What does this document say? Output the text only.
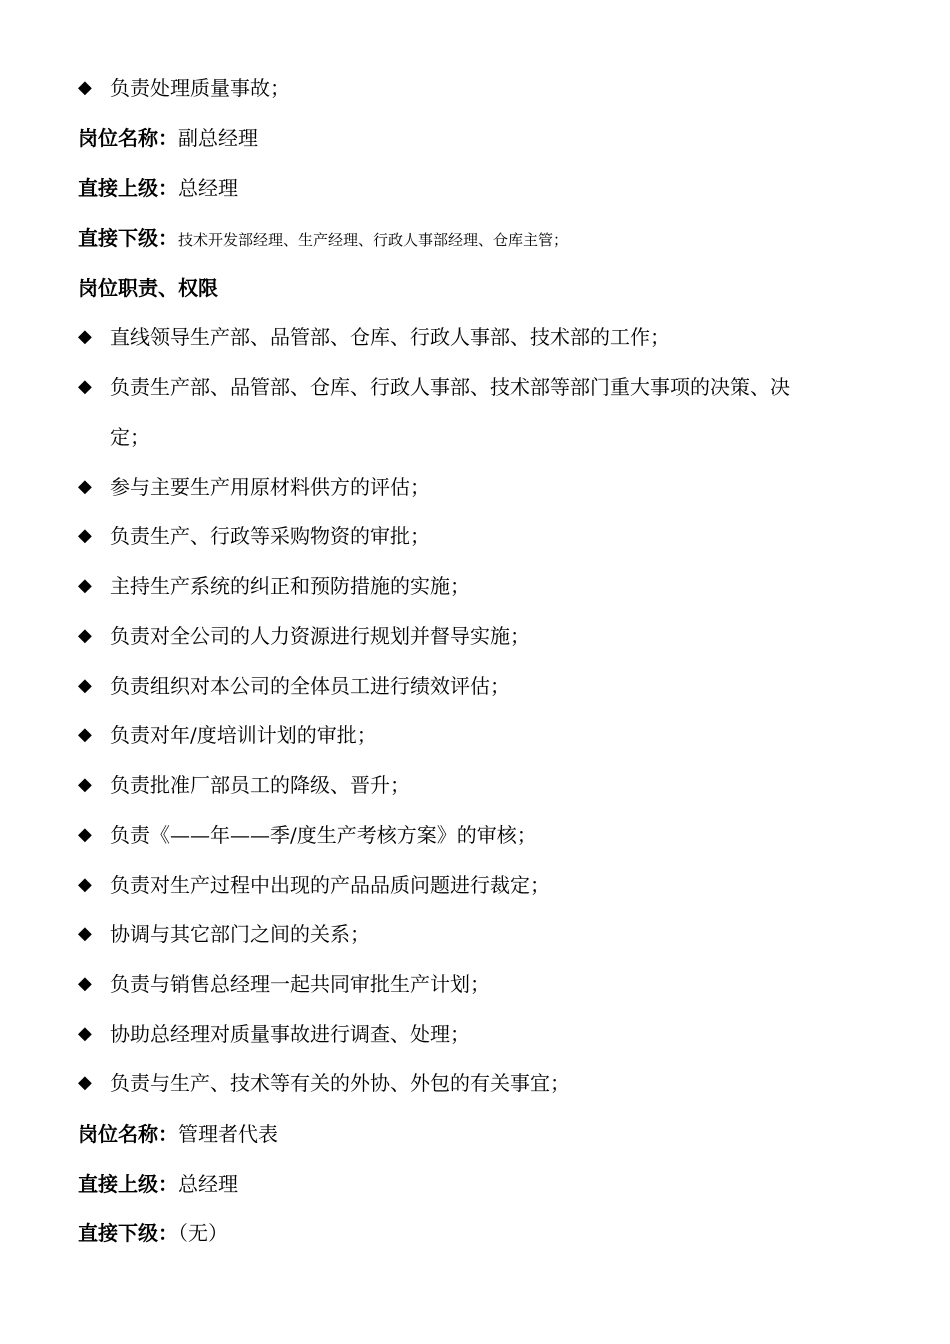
◆ 负责处理质量事故；
岗位名称：副总经理
直接上级：总经理
直接下级：技术开发部经理、生产经理、行政人事部经理、仓库主管；
岗位职责、权限
◆ 直线领导生产部、品管部、仓库、行政人事部、技术部的工作；
◆ 负责生产部、品管部、仓库、行政人事部、技术部等部门重大事项的决策、决
定；
◆ 参与主要生产用原材料供方的评估；
◆ 负责生产、行政等采购物资的审批；
◆ 主持生产系统的纠正和预防措施的实施；
◆ 负责对全公司的人力资源进行规划并督导实施；
◆ 负责组织对本公司的全体员工进行绩效评估；
◆ 负责对年/度培训计划的审批；
◆ 负责批准厂部员工的降级、晋升；
◆ 负责《——年——季/度生产考核方案》的审核；
◆ 负责对生产过程中出现的产品品质问题进行裁定；
◆ 协调与其它部门之间的关系；
◆ 负责与销售总经理一起共同审批生产计划；
◆ 协助总经理对质量事故进行调查、处理；
◆ 负责与生产、技术等有关的外协、外包的有关事宜；
岗位名称：管理者代表
直接上级：总经理
直接下级：（无）
